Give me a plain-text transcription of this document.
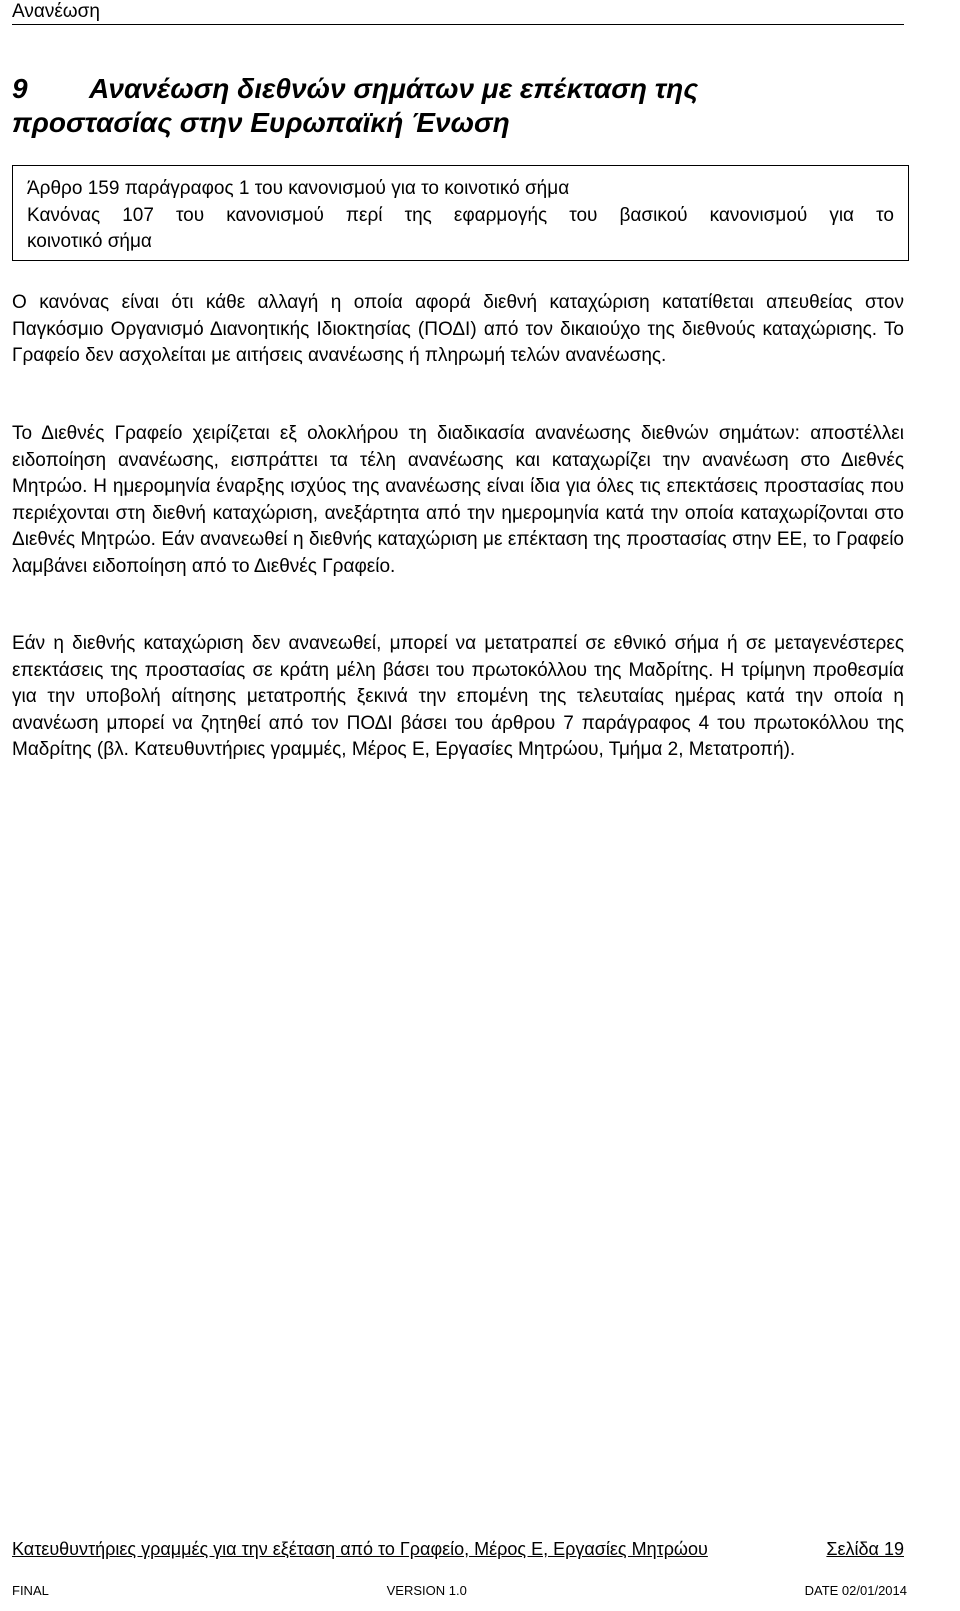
Ανανέωση
9 Ανανέωση διεθνών σημάτων με επέκταση της
προστασίας στην Ευρωπαϊκή Ένωση
Άρθρο 159 παράγραφος 1 του κανονισμού για το κοινοτικό σήμα
Κανόνας 107 του κανονισμού περί της εφαρμογής του βασικού κανονισμού για το
κοινοτικό σήμα
Ο κανόνας είναι ότι κάθε αλλαγή η οποία αφορά διεθνή καταχώριση κατατίθεται απευθείας στον Παγκόσμιο Οργανισμό Διανοητικής Ιδιοκτησίας (ΠΟΔΙ) από τον δικαιούχο της διεθνούς καταχώρισης. Το Γραφείο δεν ασχολείται με αιτήσεις ανανέωσης ή πληρωμή τελών ανανέωσης.
Το Διεθνές Γραφείο χειρίζεται εξ ολοκλήρου τη διαδικασία ανανέωσης διεθνών σημάτων: αποστέλλει ειδοποίηση ανανέωσης, εισπράττει τα τέλη ανανέωσης και καταχωρίζει την ανανέωση στο Διεθνές Μητρώο. Η ημερομηνία έναρξης ισχύος της ανανέωσης είναι ίδια για όλες τις επεκτάσεις προστασίας που περιέχονται στη διεθνή καταχώριση, ανεξάρτητα από την ημερομηνία κατά την οποία καταχωρίζονται στο Διεθνές Μητρώο. Εάν ανανεωθεί η διεθνής καταχώριση με επέκταση της προστασίας στην ΕΕ, το Γραφείο λαμβάνει ειδοποίηση από το Διεθνές Γραφείο.
Εάν η διεθνής καταχώριση δεν ανανεωθεί, μπορεί να μετατραπεί σε εθνικό σήμα ή σε μεταγενέστερες επεκτάσεις της προστασίας σε κράτη μέλη βάσει του πρωτοκόλλου της Μαδρίτης. Η τρίμηνη προθεσμία για την υποβολή αίτησης μετατροπής ξεκινά την επομένη της τελευταίας ημέρας κατά την οποία η ανανέωση μπορεί να ζητηθεί από τον ΠΟΔΙ βάσει του άρθρου 7 παράγραφος 4 του πρωτοκόλλου της Μαδρίτης (βλ. Κατευθυντήριες γραμμές, Μέρος Ε, Εργασίες Μητρώου, Τμήμα 2, Μετατροπή).
Κατευθυντήριες γραμμές για την εξέταση από το Γραφείο, Μέρος Ε, Εργασίες Μητρώου	Σελίδα 19
FINAL	VERSION 1.0	DATE 02/01/2014
